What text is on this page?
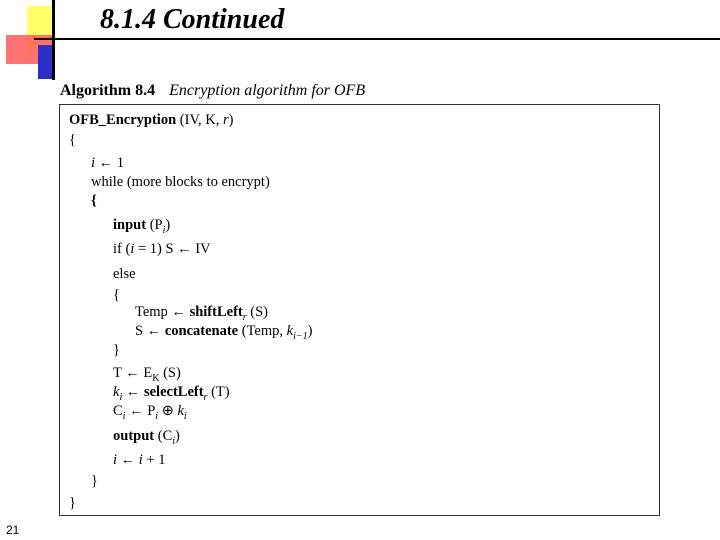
8.1.4 Continued
Algorithm 8.4 Encryption algorithm for OFB
OFB_Encryption (IV, K, r)
{
i ← 1
while (more blocks to encrypt)
{
input $(P_i)$
if (i = 1) S ← IV
else
{
Temp ← shiftLeft$_r$ (S)
S ← concatenate (Temp, $k_{i-1}$)
}
T ← $E_K$ (S)
$k_i$ ← selectLeft$_r$ (T)
$C_i$ ← $P_i$ ⊕ $k_i$
output $(C_i)$
i ← i + 1
}
}
21
